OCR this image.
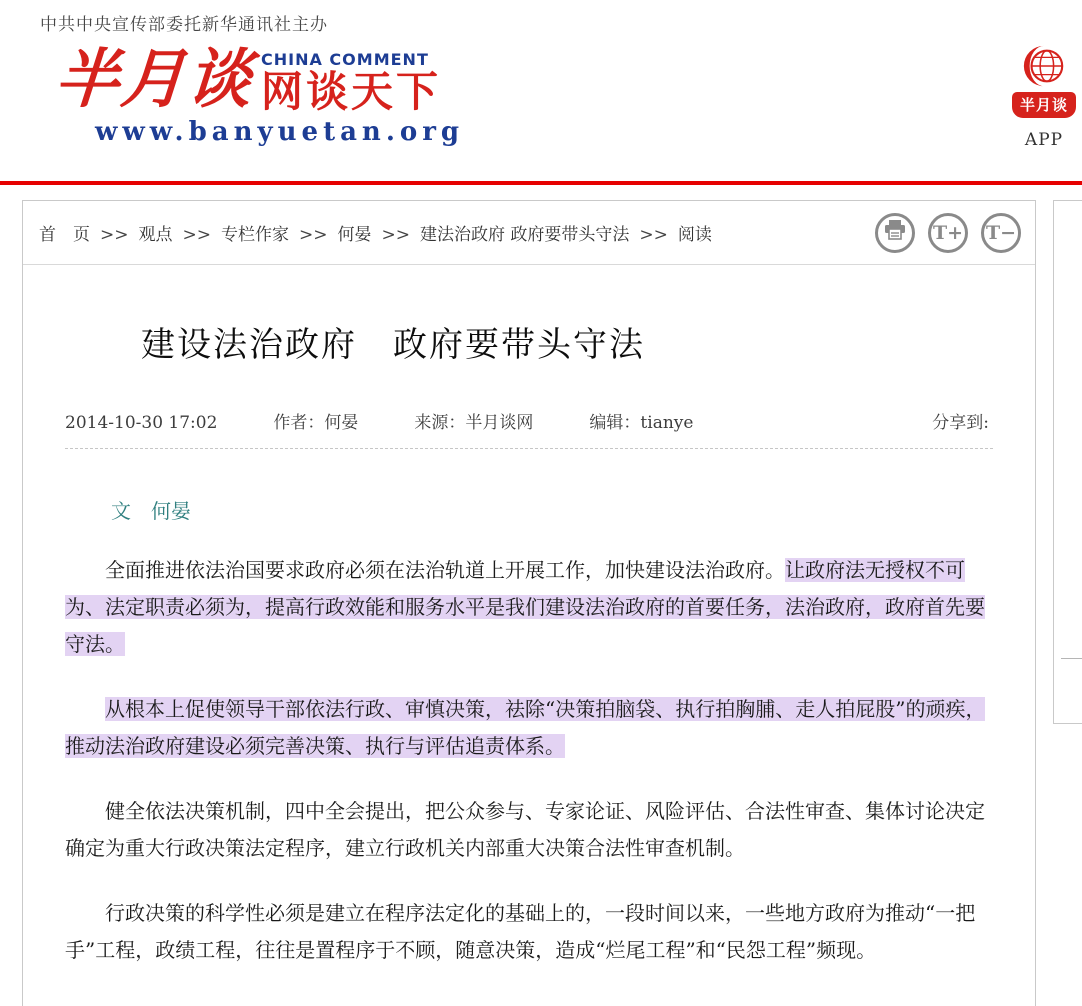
中共中央宣传部委托新华通讯社主办
半月谈 CHINA COMMENT
网谈天下
www.banyuetan.org
半月谈
APP
首　页 >> 观点 >> 专栏作家 >> 何晏 >> 建法治政府 政府要带头守法 >> 阅读	T+ T−
建设法治政府　政府要带头守法
2014-10-30 17:02	作者：何晏	来源：半月谈网	编辑：tianye	分享到:
文　何晏

全面推进依法治国要求政府必须在法治轨道上开展工作，加快建设法治政府。让政府法无授权不可为、法定职责必须为，提高行政效能和服务水平是我们建设法治政府的首要任务，法治政府，政府首先要守法。

从根本上促使领导干部依法行政、审慎决策，祛除“决策拍脑袋、执行拍胸脯、走人拍屁股”的顽疾，推动法治政府建设必须完善决策、执行与评估追责体系。

健全依法决策机制，四中全会提出，把公众参与、专家论证、风险评估、合法性审查、集体讨论决定确定为重大行政决策法定程序，建立行政机关内部重大决策合法性审查机制。

行政决策的科学性必须是建立在程序法定化的基础上的，一段时间以来，一些地方政府为推动“一把手”工程，政绩工程，往往是置程序于不顾，随意决策，造成“烂尾工程”和“民怨工程”频现。
